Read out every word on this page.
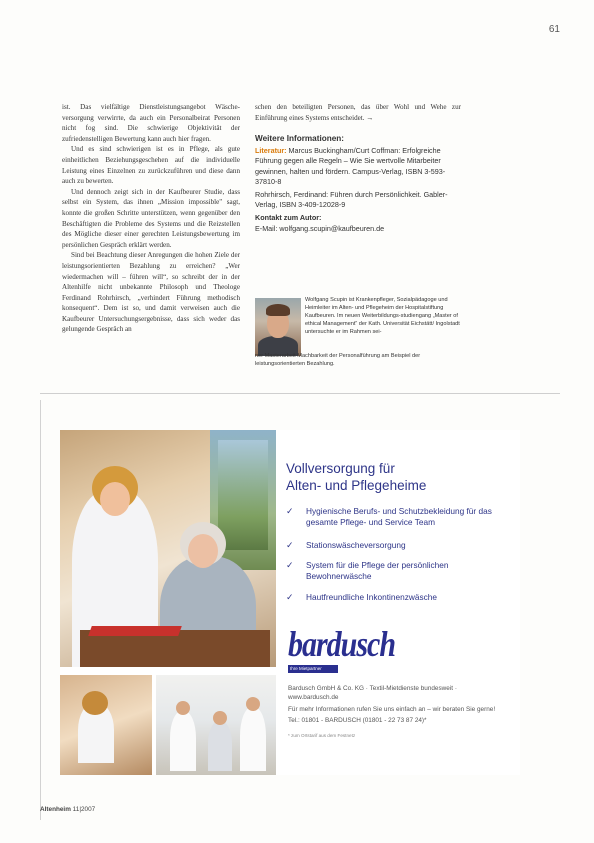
61

ist. Das vielfältige Dienstleistungsangebot Wäsche-versorgung verwirrte, da auch ein Personalbeirat Personen nicht fog sind. Die schwierige Objektivität der zufriedenstelligen Bewertung kann auch hier fragen.

Und es sind schwierigen ist es in Pflege, als gute einheitlichen Beziehungsgeschehen auf die individuelle Leistung eines Einzelnen zu zurückzuführen und diese dann auch zu bewerten.

Und dennoch zeigt sich in der Kaufbeurer Studie, dass selbst ein System, das ihnen „Mission impossible" sagt, konnte die großen Schritte unterstützen, wenn gegenüber den Beschäftigten die Probleme des Systems und die Reizstellen des Mögliche dieser einer gerechten Leistungsbewertung im persönlichen Gespräch erklärt werden.

Sind bei Beachtung dieser Anregungen die hohen Ziele der leistungsorientierten Bezahlung zu erreichen? „Wer wiedermachen will – führen will“, so schreibt der in der Altenhilfe nicht unbekannte Philosoph und Theologe Ferdinand Rohrhirsch, „verhindert Führung methodisch konsequent“. Dem ist so, und damit verweisen auch die Kaufbeurer Untersuchungsergebnisse, dass sich weder das gelungende Gespräch an

schen den beteiligten Personen, das über Wohl und Wehe zur Einführung eines Systems entscheidet. →

Weitere Informationen:

Literatur: Marcus Buckingham/Curt Coffman: Erfolgreiche Führung gegen alle Regeln – Wie Sie wertvolle Mitarbeiter gewinnen, halten und fördern. Campus-Verlag, ISBN 3-593-37810-8

Rohrhirsch, Ferdinand: Führen durch Persönlichkeit. Gabler-Verlag, ISBN 3-409-12028-9

Kontakt zum Autor:

E-Mail: wolfgang.scupin@kaufbeuren.de

Wolfgang Scupin ist Krankenpfleger, Sozialpädagoge und Heimleiter im Alten- und Pflegeheim der Hospitalstiftung Kaufbeuren. Im neuen Weiterbildungs-studiengang „Master of ethical Management“ der Kath. Universität Eichstätt/ Ingolstadt untersuchte er im Rahmen sei-
ner Masterarbeit Machbarkeit der Personalführung am Beispiel der leistungsorientierten Bezahlung.
Vollversorgung für
Alten- und Pflegeheime
✓ Hygienische Berufs- und Schutzbekleidung für das gesamte Pflege- und Service Team
✓ Stationswäscheversorgung
✓ System für die Pflege der persönlichen Bewohnerwäsche
✓ Hautfreundliche Inkontinenzwäsche
bardusch
Ihre Mietpartner

Bardusch GmbH & Co. KG · Textil-Mietdienste bundesweit · www.bardusch.de

Für mehr Informationen rufen Sie uns einfach an – wir beraten Sie gerne!

Tel.: 01801 - BARDUSCH (01801 - 22 73 87 24)*

* zum Ortstarif aus dem Festnetz

Altenheim 11|2007
